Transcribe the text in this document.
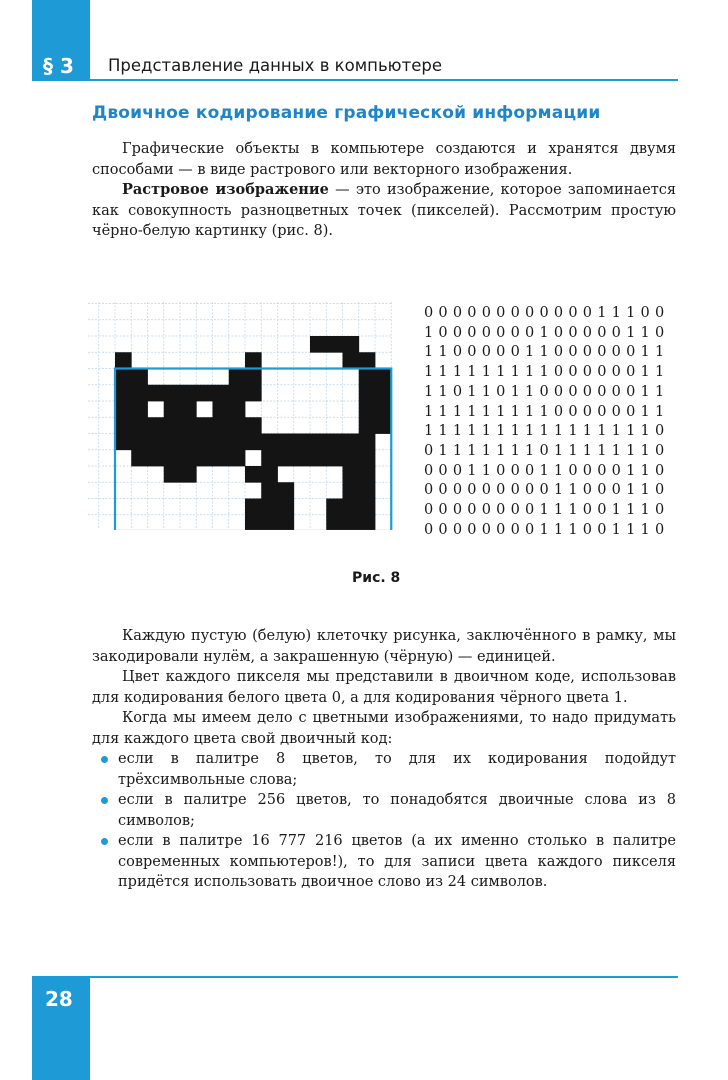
§ 3 Представление данных в компьютере
Двоичное кодирование графической информации

Графические объекты в компьютере создаются и хранятся двумя способами — в виде растрового или векторного изображения.

Растровое изображение — это изображение, которое запоминается как совокупность разноцветных точек (пикселей). Рассмотрим простую чёрно-белую картинку (рис. 8).

0 0 0 0 0 0 0 0 0 0 0 0 1 1 1 0 0
1 0 0 0 0 0 0 0 1 0 0 0 0 0 1 1 0
1 1 0 0 0 0 0 1 1 0 0 0 0 0 0 1 1
1 1 1 1 1 1 1 1 1 0 0 0 0 0 0 1 1
1 1 0 1 1 0 1 1 0 0 0 0 0 0 0 1 1
1 1 1 1 1 1 1 1 1 0 0 0 0 0 0 1 1
1 1 1 1 1 1 1 1 1 1 1 1 1 1 1 1 0
0 1 1 1 1 1 1 1 0 1 1 1 1 1 1 1 0
0 0 0 1 1 0 0 0 1 1 0 0 0 0 1 1 0
0 0 0 0 0 0 0 0 0 1 1 0 0 0 1 1 0
0 0 0 0 0 0 0 0 1 1 1 0 0 1 1 1 0
0 0 0 0 0 0 0 0 1 1 1 0 0 1 1 1 0
Рис. 8

Каждую пустую (белую) клеточку рисунка, заключённого в рамку, мы закодировали нулём, а закрашенную (чёрную) — единицей.

Цвет каждого пикселя мы представили в двоичном коде, использовав для кодирования белого цвета 0, а для кодирования чёрного цвета 1.

Когда мы имеем дело с цветными изображениями, то надо придумать для каждого цвета свой двоичный код:

если в палитре 8 цветов, то для их кодирования подойдут трёхсимвольные слова;
если в палитре 256 цветов, то понадобятся двоичные слова из 8 символов;
если в палитре 16 777 216 цветов (а их именно столько в палитре современных компьютеров!), то для записи цвета каждого пикселя придётся использовать двоичное слово из 24 символов.
28
